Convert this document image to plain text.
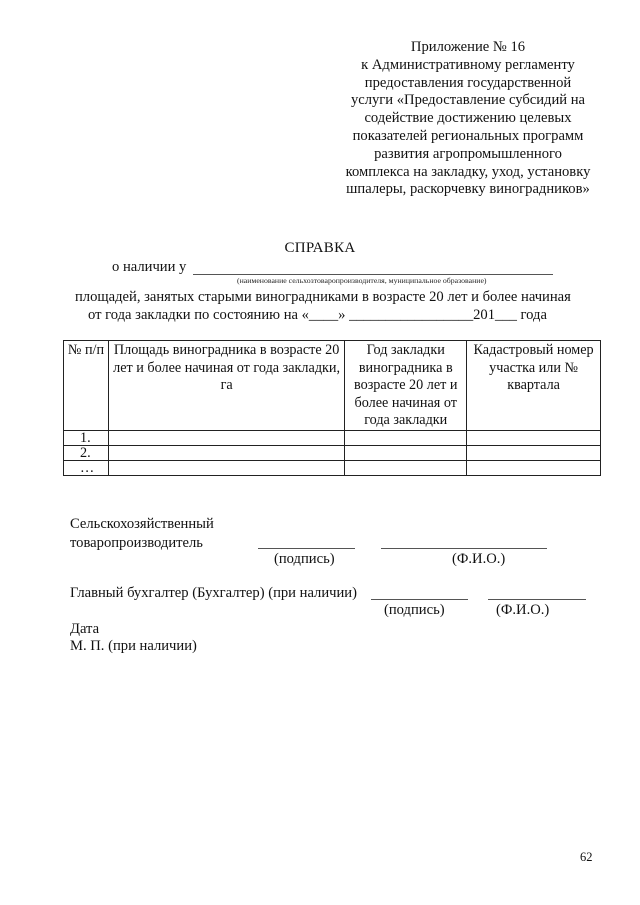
Приложение № 16
к Административному регламенту
предоставления государственной
услуги «Предоставление субсидий на
содействие достижению целевых
показателей региональных программ
развития агропромышленного
комплекса на закладку, уход, установку
шпалеры, раскорчевку виноградников»
СПРАВКА
о наличии у
(наименование сельхозтоваропроизводителя, муниципальное образование)
площадей, занятых старыми виноградниками в возрасте 20 лет и более начиная
от года закладки по состоянию на «____» _________________201___ года
№ п/п	Площадь виноградника в возрасте 20 лет и более начиная от года закладки, га	Год закладки виноградника в возрасте 20 лет и более начиная от года закладки	Кадастровый номер участка или № квартала
1.			
2.			
…			
Сельскохозяйственный
товаропроизводитель
(подпись)	(Ф.И.О.)
Главный бухгалтер (Бухгалтер) (при наличии)
(подпись)	(Ф.И.О.)
Дата
М. П. (при наличии)
62
